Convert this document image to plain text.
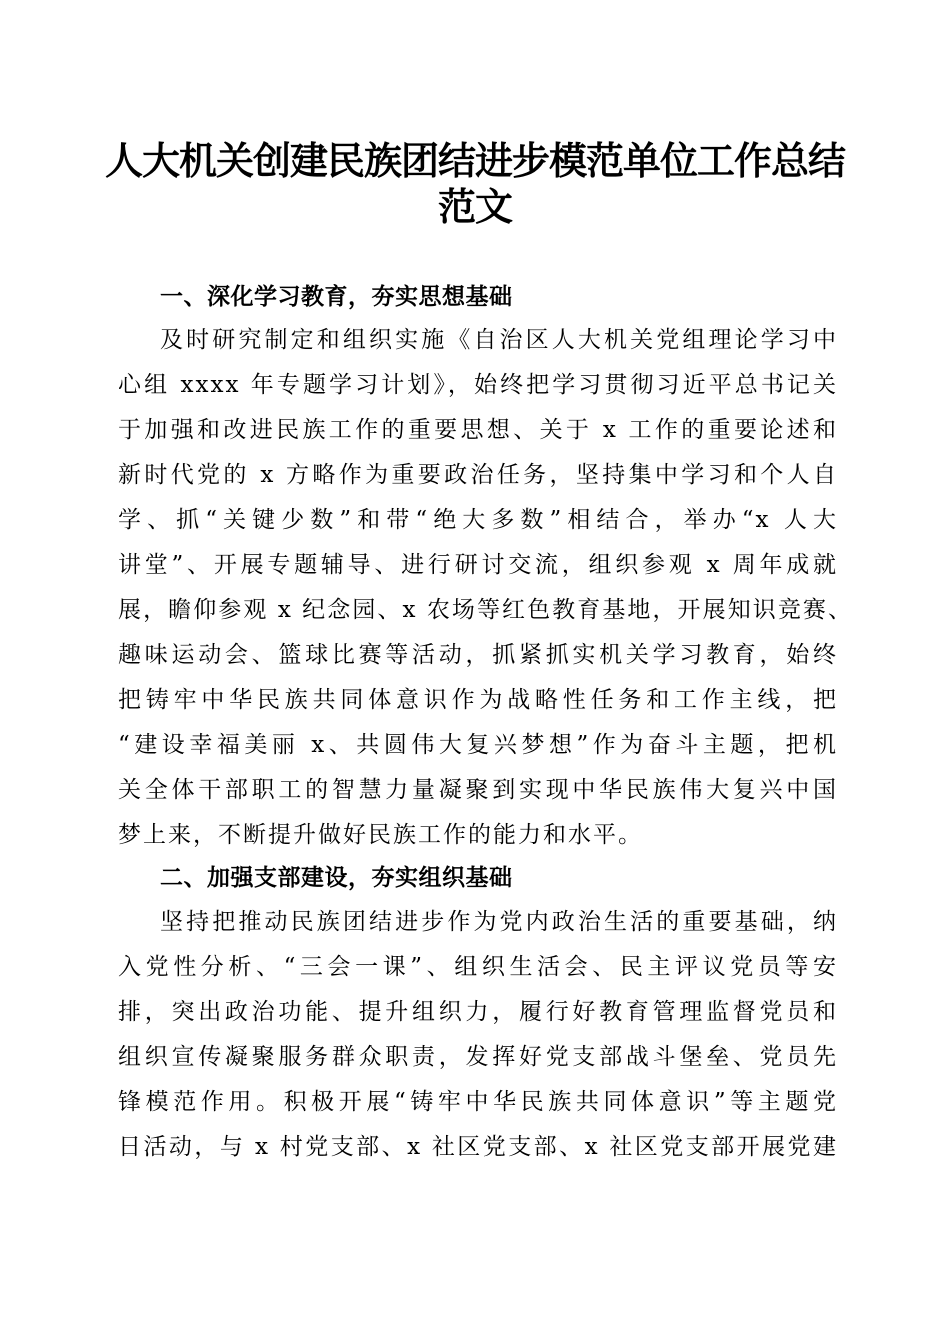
人大机关创建民族团结进步模范单位工作总结
范文
一、深化学习教育，夯实思想基础
及时研究制定和组织实施《自治区人大机关党组理论学习中
心组 xxxx 年专题学习计划》，始终把学习贯彻习近平总书记关
于加强和改进民族工作的重要思想、关于 x 工作的重要论述和
新时代党的 x 方略作为重要政治任务，坚持集中学习和个人自
学、抓“关键少数”和带“绝大多数”相结合，举办“x 人大
讲堂”、开展专题辅导、进行研讨交流，组织参观 x 周年成就
展，瞻仰参观 x 纪念园、x 农场等红色教育基地，开展知识竞赛、
趣味运动会、篮球比赛等活动，抓紧抓实机关学习教育，始终
把铸牢中华民族共同体意识作为战略性任务和工作主线，把
“建设幸福美丽 x、共圆伟大复兴梦想”作为奋斗主题，把机
关全体干部职工的智慧力量凝聚到实现中华民族伟大复兴中国
梦上来，不断提升做好民族工作的能力和水平。
二、加强支部建设，夯实组织基础
坚持把推动民族团结进步作为党内政治生活的重要基础，纳
入党性分析、“三会一课”、组织生活会、民主评议党员等安
排，突出政治功能、提升组织力，履行好教育管理监督党员和
组织宣传凝聚服务群众职责，发挥好党支部战斗堡垒、党员先
锋模范作用。积极开展“铸牢中华民族共同体意识”等主题党
日活动，与 x 村党支部、x 社区党支部、x 社区党支部开展党建
